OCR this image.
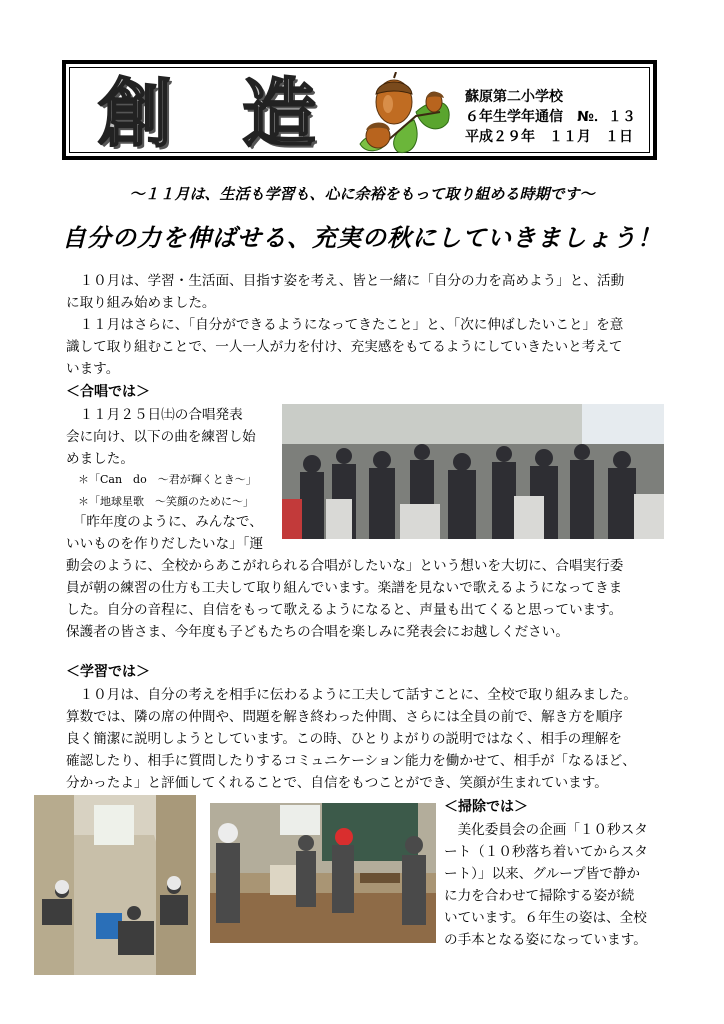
創 造	蘇原第二小学校
６年生学年通信　№．１３
平成２９年　１１月　１日
～１１月は、生活も学習も、心に余裕をもって取り組める時期です～
自分の力を伸ばせる、充実の秋にしていきましょう！
　１０月は、学習・生活面、目指す姿を考え、皆と一緒に「自分の力を高めよう」と、活動
に取り組み始めました。
　１１月はさらに、「自分ができるようになってきたこと」と、「次に伸ばしたいこと」を意
識して取り組むことで、一人一人が力を付け、充実感をもてるようにしていきたいと考えて
います。
＜合唱では＞
　１１月２５日㈯の合唱発表
会に向け、以下の曲を練習し始
めました。
＊「Can　do　～君が輝くとき～」
＊「地球星歌　～笑顔のために～」
　「昨年度のように、みんなで、
いいものを作りだしたいな」「運
動会のように、全校からあこがれられる合唱がしたいな」という想いを大切に、合唱実行委
員が朝の練習の仕方も工夫して取り組んでいます。楽譜を見ないで歌えるようになってきま
した。自分の音程に、自信をもって歌えるようになると、声量も出てくると思っています。
保護者の皆さま、今年度も子どもたちの合唱を楽しみに発表会にお越しください。
＜学習では＞
　１０月は、自分の考えを相手に伝わるように工夫して話すことに、全校で取り組みました。
算数では、隣の席の仲間や、問題を解き終わった仲間、さらには全員の前で、解き方を順序
良く簡潔に説明しようとしています。この時、ひとりよがりの説明ではなく、相手の理解を
確認したり、相手に質問したりするコミュニケーション能力を働かせて、相手が「なるほど、
分かったよ」と評価してくれることで、自信をもつことができ、笑顔が生まれています。
＜掃除では＞
　美化委員会の企画「１０秒スタ
ート（１０秒落ち着いてからスタ
ート）」以来、グループ皆で静か
に力を合わせて掃除する姿が続
いています。６年生の姿は、全校
の手本となる姿になっています。
